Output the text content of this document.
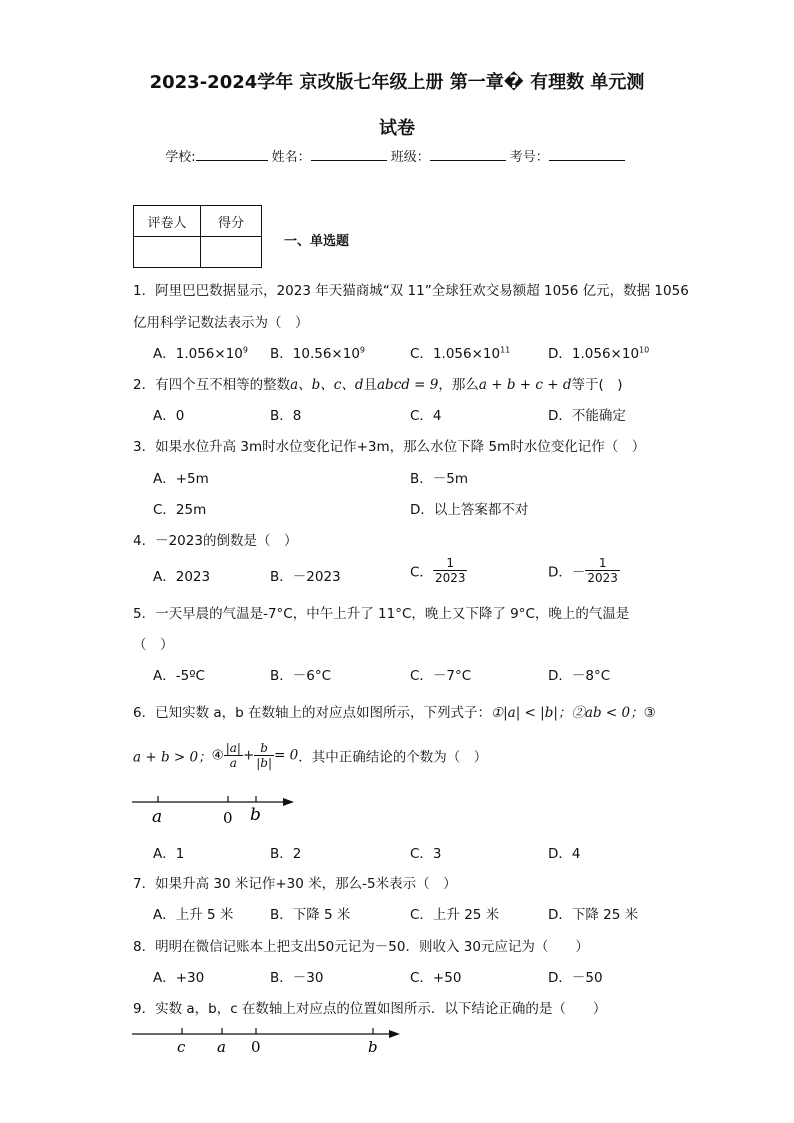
2023-2024学年 京改版七年级上册 第一章� 有理数 单元测
试卷
学校:	姓名：	班级：	考号：
评卷人	得分

一、单选题
1．阿里巴巴数据显示，2023 年天猫商城“双 11”全球狂欢交易额超 1056 亿元，数据 1056
亿用科学记数法表示为（　）
A．$1.056\times 10^9$ B．$10.56\times 10^9$	C．$1.056\times 10^{11}$	D．$1.056\times 10^{10}$
2．有四个互不相等的整数a、b、c、d且abcd = 9，那么a + b + c + d等于(　)
A．0	B．8	C．4	D．不能确定
3．如果水位升高 3m时水位变化记作+3m，那么水位下降 5m时水位变化记作（　）
A．+5m	B．－5m
C．25m	D．以上答案都不对
4．－2023的倒数是（　）
A．2023	B．－2023	C． $\frac{1}{2023}$	D．－ $\frac{1}{2023}$
5．一天早晨的气温是-7°C，中午上升了 11°C，晚上又下降了 9°C，晚上的气温是
（　）
A．-5ºC	B．－6°C	C．－7°C	D．－8°C
6．已知实数 a，b 在数轴上的对应点如图所示，下列式子：①|a| < |b|；②ab < 0；③
a + b > 0；④ $\frac{|a|}{a} + \frac{b}{|b|} = 0$．其中正确结论的个数为（　）
a	0 b
A．1	B．2	C．3	D．4
7．如果升高 30 米记作+30 米，那么-5米表示（　）
A．上升 5 米	B．下降 5 米	C．上升 25 米	D．下降 25 米
8．明明在微信记账本上把支出50元记为－50．则收入 30元应记为（　　）
A．+30	B．－30	C．+50	D．－50
9．实数 a，b，c 在数轴上对应点的位置如图所示．以下结论正确的是（　　）
c a 0	b
